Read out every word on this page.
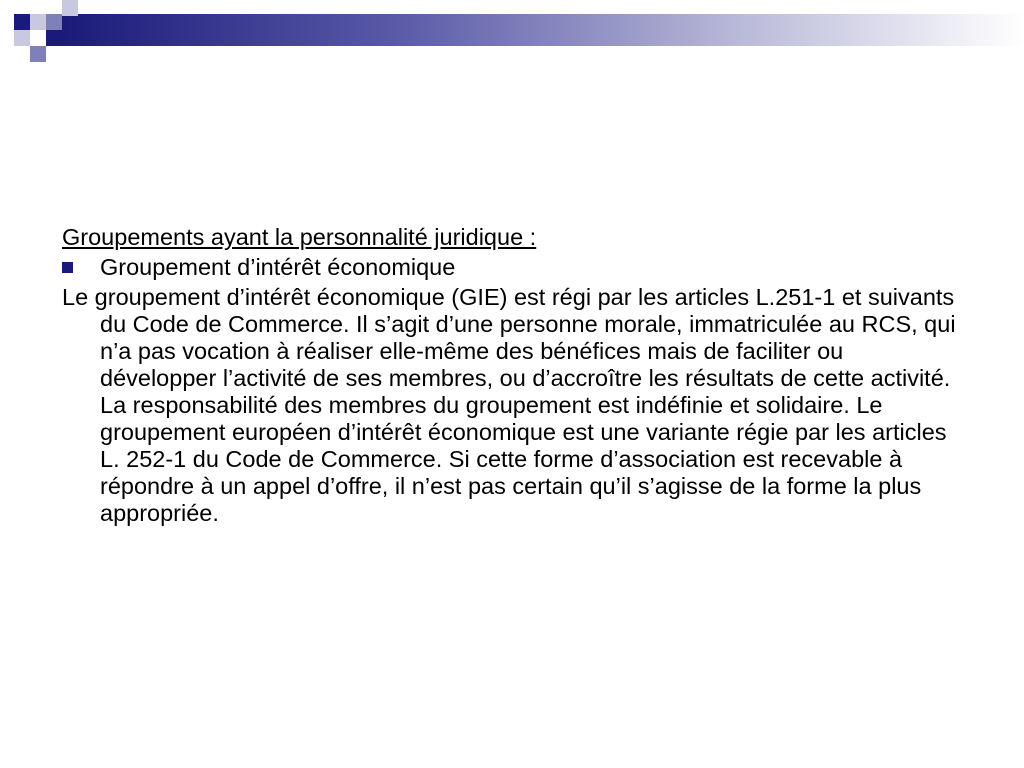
Groupements ayant la personnalité juridique :

Groupement d’intérêt économique

Le groupement d’intérêt économique (GIE) est régi par les articles L.251-1 et suivants du Code de Commerce. Il s’agit d’une personne morale, immatriculée au RCS, qui n’a pas vocation à réaliser elle-même des bénéfices mais de faciliter ou développer l’activité de ses membres, ou d’accroître les résultats de cette activité. La responsabilité des membres du groupement est indéfinie et solidaire. Le groupement européen d’intérêt économique est une variante régie par les articles L. 252-1 du Code de Commerce. Si cette forme d’association est recevable à répondre à un appel d’offre, il n’est pas certain qu’il s’agisse de la forme la plus appropriée.
